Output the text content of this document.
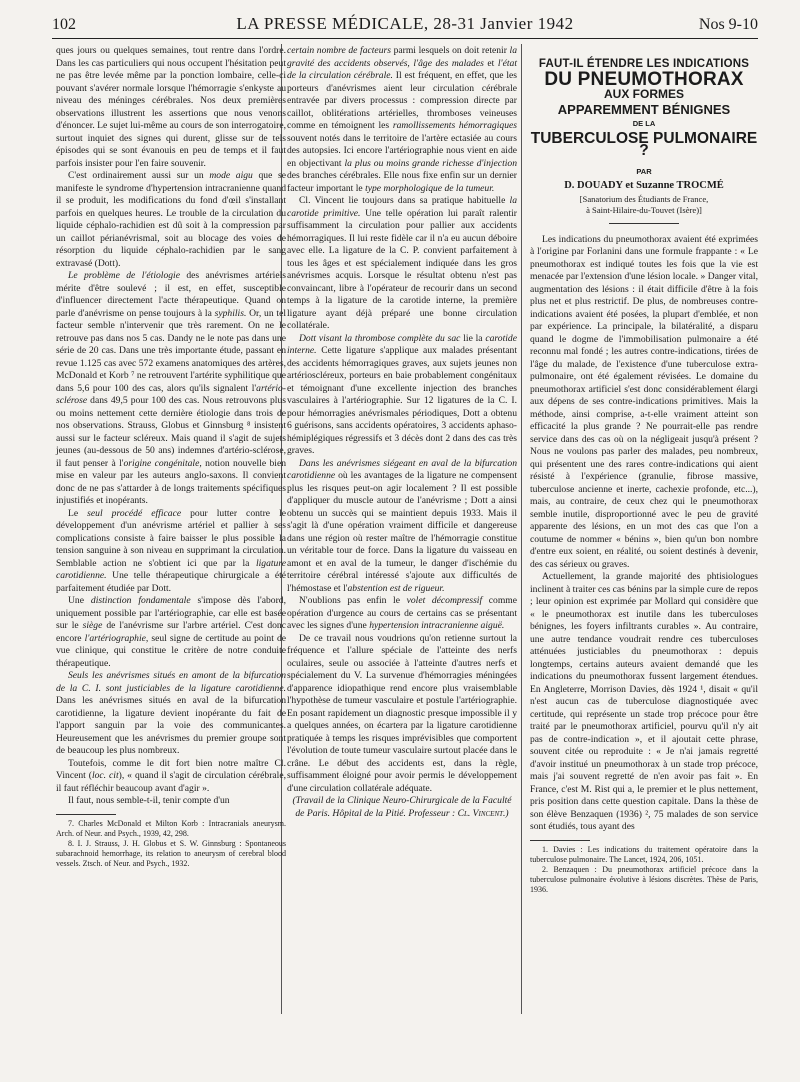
102	LA PRESSE MÉDICALE, 28-31 Janvier 1942	Nos 9-10

ques jours ou quelques semaines, tout rentre dans l'ordre. Dans les cas particuliers qui nous occupent l'hésitation peut ne pas être levée même par la ponction lombaire, celle-ci pouvant s'avérer normale lorsque l'hémorragie s'enkyste au niveau des méninges cérébrales. Nos deux premières observations illustrent les assertions que nous venons d'énoncer. Le sujet lui-même au cours de son interrogatoire, surtout inquiet des signes qui durent, glisse sur de tels épisodes qui se sont évanouis en peu de temps et il faut parfois insister pour l'en faire souvenir.

C'est ordinairement aussi sur un mode aigu que se manifeste le syndrome d'hypertension intracranienne quand il se produit, les modifications du fond d'œil s'installant parfois en quelques heures. Le trouble de la circulation du liquide céphalo-rachidien est dû soit à la compression par un caillot périanévrismal, soit au blocage des voies de résorption du liquide céphalo-rachidien par le sang extravasé (Dott).

Le problème de l'étiologie des anévrismes artériels mérite d'être soulevé ; il est, en effet, susceptible d'influencer directement l'acte thérapeutique. Quand on parle d'anévrisme on pense toujours à la syphilis. Or, un tel facteur semble n'intervenir que très rarement. On ne le retrouve pas dans nos 5 cas. Dandy ne le note pas dans une série de 20 cas. Dans une très importante étude, passant en revue 1.125 cas avec 572 examens anatomiques des artères, McDonald et Korb ⁷ ne retrouvent l'artérite syphilitique que dans 5,6 pour 100 des cas, alors qu'ils signalent l'artério-sclérose dans 49,5 pour 100 des cas. Nous retrouvons plus ou moins nettement cette dernière étiologie dans trois de nos observations. Strauss, Globus et Ginnsburg ⁸ insistent aussi sur le facteur scléreux. Mais quand il s'agit de sujets jeunes (au-dessous de 50 ans) indemnes d'artério-sclérose, il faut penser à l'origine congénitale, notion nouvelle bien mise en valeur par les auteurs anglo-saxons. Il convient donc de ne pas s'attarder à de longs traitements spécifiques injustifiés et inopérants.

Le seul procédé efficace pour lutter contre le développement d'un anévrisme artériel et pallier à ses complications consiste à faire baisser le plus possible la tension sanguine à son niveau en supprimant la circulation. Semblable action ne s'obtient ici que par la ligature carotidienne. Une telle thérapeutique chirurgicale a été parfaitement étudiée par Dott.

Une distinction fondamentale s'impose dès l'abord, uniquement possible par l'artériographie, car elle est basée sur le siège de l'anévrisme sur l'arbre artériel. C'est donc encore l'artériographie, seul signe de certitude au point de vue clinique, qui constitue le critère de notre conduite thérapeutique.

Seuls les anévrismes situés en amont de la bifurcation de la C. I. sont justiciables de la ligature carotidienne. Dans les anévrismes situés en aval de la bifurcation carotidienne, la ligature devient inopérante du fait de l'apport sanguin par la voie des communicantes. Heureusement que les anévrismes du premier groupe sont de beaucoup les plus nombreux.

Toutefois, comme le dit fort bien notre maître Cl. Vincent (loc. cit), « quand il s'agit de circulation cérébrale, il faut réfléchir beaucoup avant d'agir ».

Il faut, nous semble-t-il, tenir compte d'un

7. Charles McDonald et Milton Korb : Intracranials aneurysm. Arch. of Neur. and Psych., 1939, 42, 298.

8. I. J. Strauss, J. H. Globus et S. W. Ginnsburg : Spontaneous subarachnoid hemorrhage, its relation to aneurysm of cerebral blood vessels. Ztsch. of Neur. and Psych., 1932.

certain nombre de facteurs parmi lesquels on doit retenir la gravité des accidents observés, l'âge des malades et l'état de la circulation cérébrale. Il est fréquent, en effet, que les porteurs d'anévrismes aient leur circulation cérébrale entravée par divers processus : compression directe par caillot, oblitérations artérielles, thromboses veineuses comme en témoignent les ramollissements hémorragiques souvent notés dans le territoire de l'artère ectasiée au cours des autopsies. Ici encore l'artériographie nous vient en aide en objectivant la plus ou moins grande richesse d'injection des branches cérébrales. Elle nous fixe enfin sur un dernier facteur important le type morphologique de la tumeur.

Cl. Vincent lie toujours dans sa pratique habituelle la carotide primitive. Une telle opération lui paraît ralentir suffisamment la circulation pour pallier aux accidents hémorragiques. Il lui reste fidèle car il n'a eu aucun déboire avec elle. La ligature de la C. P. convient parfaitement à tous les âges et est spécialement indiquée dans les gros anévrismes acquis. Lorsque le résultat obtenu n'est pas convaincant, libre à l'opérateur de recourir dans un second temps à la ligature de la carotide interne, la première ligature ayant déjà préparé une bonne circulation collatérale.

Dott visant la thrombose complète du sac lie la carotide interne. Cette ligature s'applique aux malades présentant des accidents hémorragiques graves, aux sujets jeunes non artérioscléreux, porteurs en baie probablement congénitaux et témoignant d'une excellente injection des branches vasculaires à l'artériographie. Sur 12 ligatures de la C. I. pour hémorragies anévrismales périodiques, Dott a obtenu 6 guérisons, sans accidents opératoires, 3 accidents aphaso-hémiplégiques régressifs et 3 décès dont 2 dans des cas très graves.

Dans les anévrismes siégeant en aval de la bifurcation carotidienne où les avantages de la ligature ne compensent plus les risques peut-on agir localement ? Il est possible d'appliquer du muscle autour de l'anévrisme ; Dott a ainsi obtenu un succès qui se maintient depuis 1933. Mais il s'agit là d'une opération vraiment difficile et dangereuse dans une région où rester maître de l'hémorragie constitue un véritable tour de force. Dans la ligature du vaisseau en amont et en aval de la tumeur, le danger d'ischémie du territoire cérébral intéressé s'ajoute aux difficultés de l'hémostase et l'abstention est de rigueur.

N'oublions pas enfin le volet décompressif comme opération d'urgence au cours de certains cas se présentant avec les signes d'une hypertension intracranienne aiguë.

De ce travail nous voudrions qu'on retienne surtout la fréquence et l'allure spéciale de l'atteinte des nerfs oculaires, seule ou associée à l'atteinte d'autres nerfs et spécialement du V. La survenue d'hémorragies méningées d'apparence idiopathique rend encore plus vraisemblable l'hypothèse de tumeur vasculaire et postule l'artériographie. En posant rapidement un diagnostic presque impossible il y a quelques années, on écartera par la ligature carotidienne pratiquée à temps les risques imprévisibles que comportent l'évolution de toute tumeur vasculaire surtout placée dans le crâne. Le début des accidents est, dans la règle, suffisamment éloigné pour avoir permis le développement d'une circulation collatérale adéquate.

(Travail de la Clinique Neuro-Chirurgicale de la Faculté de Paris. Hôpital de la Pitié. Professeur : Cl. Vincent.)

FAUT-IL ÉTENDRE LES INDICATIONS
DU PNEUMOTHORAX
AUX FORMES
APPAREMMENT BÉNIGNES
DE LA
TUBERCULOSE PULMONAIRE ?
PAR
D. DOUADY et Suzanne TROCMÉ
[Sanatorium des Étudiants de France,
à Saint-Hilaire-du-Touvet (Isère)]

Les indications du pneumothorax avaient été exprimées à l'origine par Forlanini dans une formule frappante : « Le pneumothorax est indiqué toutes les fois que la vie est menacée par l'extension d'une lésion locale. » Danger vital, augmentation des lésions : il était difficile d'être à la fois plus net et plus restrictif. De plus, de nombreuses contre-indications avaient été posées, la plupart d'emblée, et non par expérience. La principale, la bilatéralité, a disparu quand le dogme de l'immobilisation pulmonaire a été reconnu mal fondé ; les autres contre-indications, tirées de l'âge du malade, de l'existence d'une tuberculose extra-pulmonaire, ont été également révisées. Le domaine du pneumothorax artificiel s'est donc considérablement élargi aux dépens de ses contre-indications primitives. Mais la méthode, ainsi comprise, a-t-elle vraiment atteint son efficacité la plus grande ? Ne pourrait-elle pas rendre service dans des cas où on la négligeait jusqu'à présent ? Nous ne voulons pas parler des malades, peu nombreux, qui présentent une des rares contre-indications qui aient résisté à l'expérience (granulie, fibrose massive, tuberculose ancienne et inerte, cachexie profonde, etc...), mais, au contraire, de ceux chez qui le pneumothorax semble inutile, disproportionné avec le peu de gravité apparente des lésions, en un mot des cas que l'on a coutume de nommer « bénins », bien qu'un bon nombre d'entre eux soient, en réalité, ou soient destinés à devenir, des cas sérieux ou graves.

Actuellement, la grande majorité des phtisiologues inclinent à traiter ces cas bénins par la simple cure de repos ; leur opinion est exprimée par Mollard qui considère que « le pneumothorax est inutile dans les tuberculoses bénignes, les foyers infiltrants curables ». Au contraire, une autre tendance voudrait rendre ces tuberculoses atténuées justiciables du pneumothorax : depuis longtemps, certains auteurs avaient demandé que les indications du pneumothorax fussent largement étendues. En Angleterre, Morrison Davies, dès 1924 ¹, disait « qu'il n'est aucun cas de tuberculose diagnostiquée avec certitude, qui représente un stade trop précoce pour être traité par le pneumothorax artificiel, pourvu qu'il n'y ait pas de contre-indication », et il ajoutait cette phrase, souvent citée ou reproduite : « Je n'ai jamais regretté d'avoir institué un pneumothorax à un stade trop précoce, mais j'ai souvent regretté de n'en avoir pas fait ». En France, c'est M. Rist qui a, le premier et le plus nettement, pris position dans cette question capitale. Dans la thèse de son élève Benzaquen (1936) ², 75 malades de son service sont étudiés, tous ayant des

1. Davies : Les indications du traitement opératoire dans la tuberculose pulmonaire. The Lancet, 1924, 206, 1051.

2. Benzaquen : Du pneumothorax artificiel précoce dans la tuberculose pulmonaire évolutive à lésions discrètes. Thèse de Paris, 1936.
